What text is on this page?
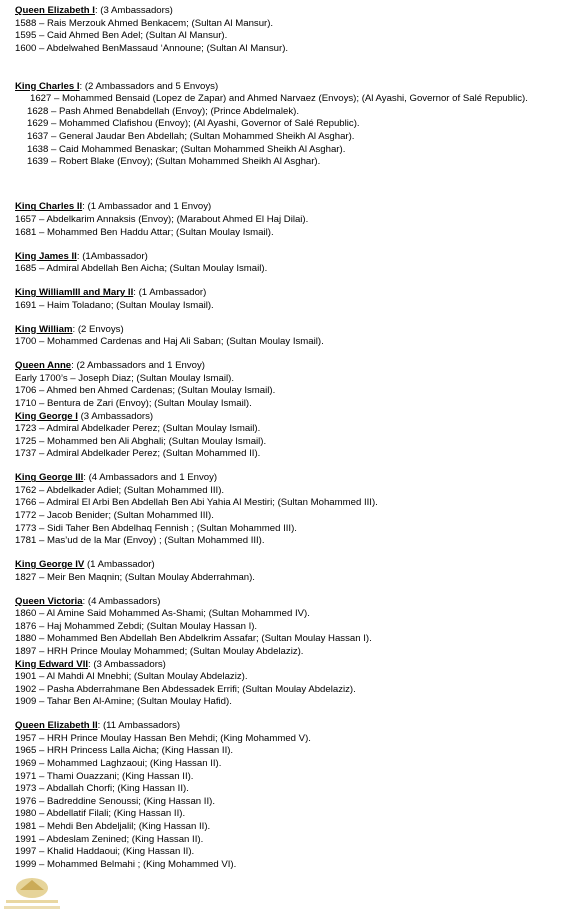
Queen Elizabeth I: (3 Ambassadors)
1588 – Rais Merzouk Ahmed Benkacem; (Sultan Al Mansur).
1595 – Caid Ahmed Ben Adel; (Sultan Al Mansur).
1600 – Abdelwahed BenMassaud ‘Announe; (Sultan Al Mansur).
King Charles I: (2 Ambassadors and 5 Envoys)
1627 – Mohammed Bensaid (Lopez de Zapar) and Ahmed Narvaez (Envoys); (Al Ayashi, Governor of Salé Republic).
1628 – Pash Ahmed Benabdellah (Envoy); (Prince Abdelmalek).
1629 – Mohammed Clafishou (Envoy); (Al Ayashi, Governor of Salé Republic).
1637 – General Jaudar Ben Abdellah; (Sultan Mohammed Sheikh Al Asghar).
1638 – Caid Mohammed Benaskar; (Sultan Mohammed Sheikh Al Asghar).
1639 – Robert Blake (Envoy); (Sultan Mohammed Sheikh Al Asghar).
King Charles II: (1 Ambassador and 1 Envoy)
1657 – Abdelkarim Annaksis (Envoy); (Marabout Ahmed El Haj Dilai).
1681 – Mohammed Ben Haddu Attar; (Sultan Moulay Ismail).
King James II: (1Ambassador)
1685 – Admiral Abdellah Ben Aicha; (Sultan Moulay Ismail).
King WilliamIII and Mary II: (1 Ambassador)
1691 – Haim Toladano; (Sultan Moulay Ismail).
King William: (2 Envoys)
1700 – Mohammed Cardenas and Haj Ali Saban; (Sultan Moulay Ismail).
Queen Anne: (2 Ambassadors and 1 Envoy)
Early 1700’s – Joseph Diaz; (Sultan Moulay Ismail).
1706 – Ahmed ben Ahmed Cardenas; (Sultan Moulay Ismail).
1710 – Bentura de Zari (Envoy); (Sultan Moulay Ismail).
King George I (3 Ambassadors)
1723 – Admiral Abdelkader Perez; (Sultan Moulay Ismail).
1725 – Mohammed ben Ali Abghali; (Sultan Moulay Ismail).
1737 – Admiral Abdelkader Perez; (Sultan Mohammed II).
King George III: (4 Ambassadors and 1 Envoy)
1762 – Abdelkader Adiel; (Sultan Mohammed III).
1766 – Admiral El Arbi Ben Abdellah Ben Abi Yahia Al Mestiri; (Sultan Mohammed III).
1772 – Jacob Benider; (Sultan Mohammed III).
1773 – Sidi Taher Ben Abdelhaq Fennish ; (Sultan Mohammed III).
1781 – Mas’ud de la Mar (Envoy) ; (Sultan Mohammed III).
King George IV (1 Ambassador)
1827 – Meir Ben Maqnin; (Sultan Moulay Abderrahman).
Queen Victoria: (4 Ambassadors)
1860 – Al Amine Said Mohammed As-Shami; (Sultan Mohammed IV).
1876 – Haj Mohammed Zebdi; (Sultan Moulay Hassan I).
1880 – Mohammed Ben Abdellah Ben Abdelkrim Assafar; (Sultan Moulay Hassan I).
1897 – HRH Prince Moulay Mohammed; (Sultan Moulay Abdelaziz).
King Edward VII: (3 Ambassadors)
1901 – Al Mahdi Al Mnebhi; (Sultan Moulay Abdelaziz).
1902 – Pasha Abderrahmane Ben Abdessadek Errifi; (Sultan Moulay Abdelaziz).
1909 – Tahar Ben Al-Amine; (Sultan Moulay Hafid).
Queen Elizabeth II: (11 Ambassadors)
1957 – HRH Prince Moulay Hassan Ben Mehdi; (King Mohammed V).
1965 – HRH Princess Lalla Aicha; (King Hassan II).
1969 – Mohammed Laghzaoui; (King Hassan II).
1971 – Thami Ouazzani; (King Hassan II).
1973 – Abdallah Chorfi; (King Hassan II).
1976 – Badreddine Senoussi; (King Hassan II).
1980 – Abdellatif Filali; (King Hassan II).
1981 – Mehdi Ben Abdeljalil; (King Hassan II).
1991 – Abdeslam Zenined; (King Hassan II).
1997 – Khalid Haddaoui; (King Hassan II).
1999 – Mohammed Belmahi ; (King Mohammed VI).
